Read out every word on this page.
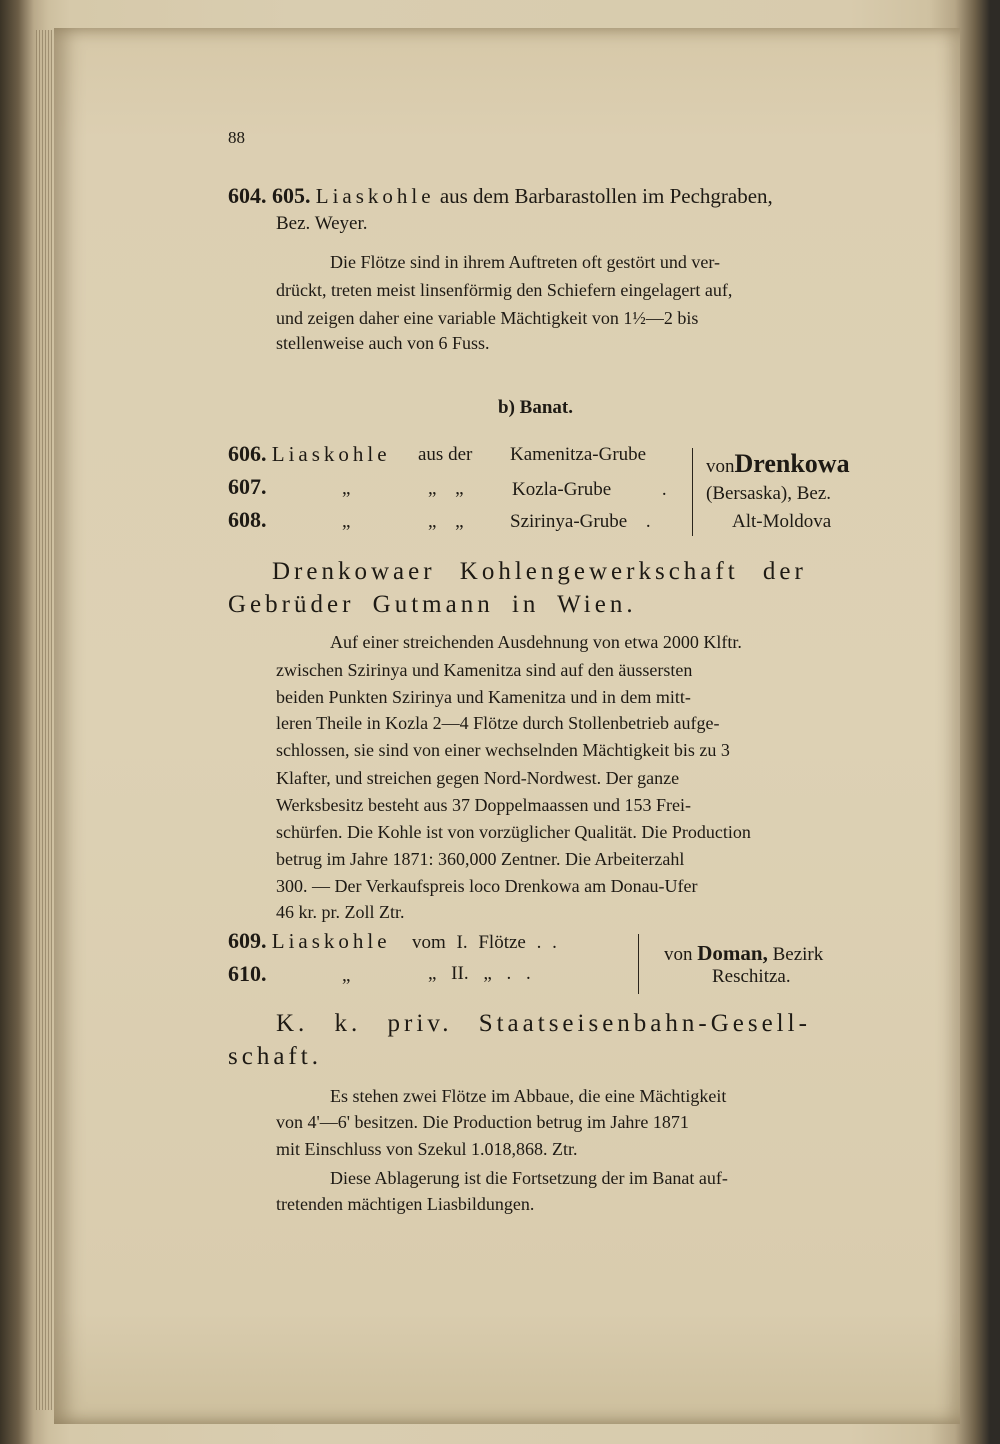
88
604. 605. Liaskohle aus dem Barbarastollen im Pechgraben,
Bez. Weyer.
Die Flötze sind in ihrem Auftreten oft gestört und ver-
drückt, treten meist linsenförmig den Schiefern eingelagert auf,
und zeigen daher eine variable Mächtigkeit von 1½—2 bis
stellenweise auch von 6 Fuss.
b) Banat.
606. Liaskohle aus der Kamenitza-Grube
607.	„	„ „	Kozla-Grube .
608.	„	„ „ Szirinya-Grube .
vonDrenkowa
(Bersaska), Bez.
Alt-Moldova
Drenkowaer Kohlengewerkschaft der
Gebrüder Gutmann in Wien.
Auf einer streichenden Ausdehnung von etwa 2000 Klftr.
zwischen Szirinya und Kamenitza sind auf den äussersten
beiden Punkten Szirinya und Kamenitza und in dem mitt-
leren Theile in Kozla 2—4 Flötze durch Stollenbetrieb aufge-
schlossen, sie sind von einer wechselnden Mächtigkeit bis zu 3
Klafter, und streichen gegen Nord-Nordwest. Der ganze
Werksbesitz besteht aus 37 Doppelmaassen und 153 Frei-
schürfen. Die Kohle ist von vorzüglicher Qualität. Die Production
betrug im Jahre 1871: 360,000 Zentner. Die Arbeiterzahl
300. — Der Verkaufspreis loco Drenkowa am Donau-Ufer
46 kr. pr. Zoll Ztr.
609. Liaskohle vom I. Flötze . .
610.	„	„ II. „ . .
von Doman, Bezirk
Reschitza.
K. k. priv. Staatseisenbahn-Gesell-
schaft.
Es stehen zwei Flötze im Abbaue, die eine Mächtigkeit
von 4'—6' besitzen. Die Production betrug im Jahre 1871
mit Einschluss von Szekul 1.018,868. Ztr.
Diese Ablagerung ist die Fortsetzung der im Banat auf-
tretenden mächtigen Liasbildungen.
